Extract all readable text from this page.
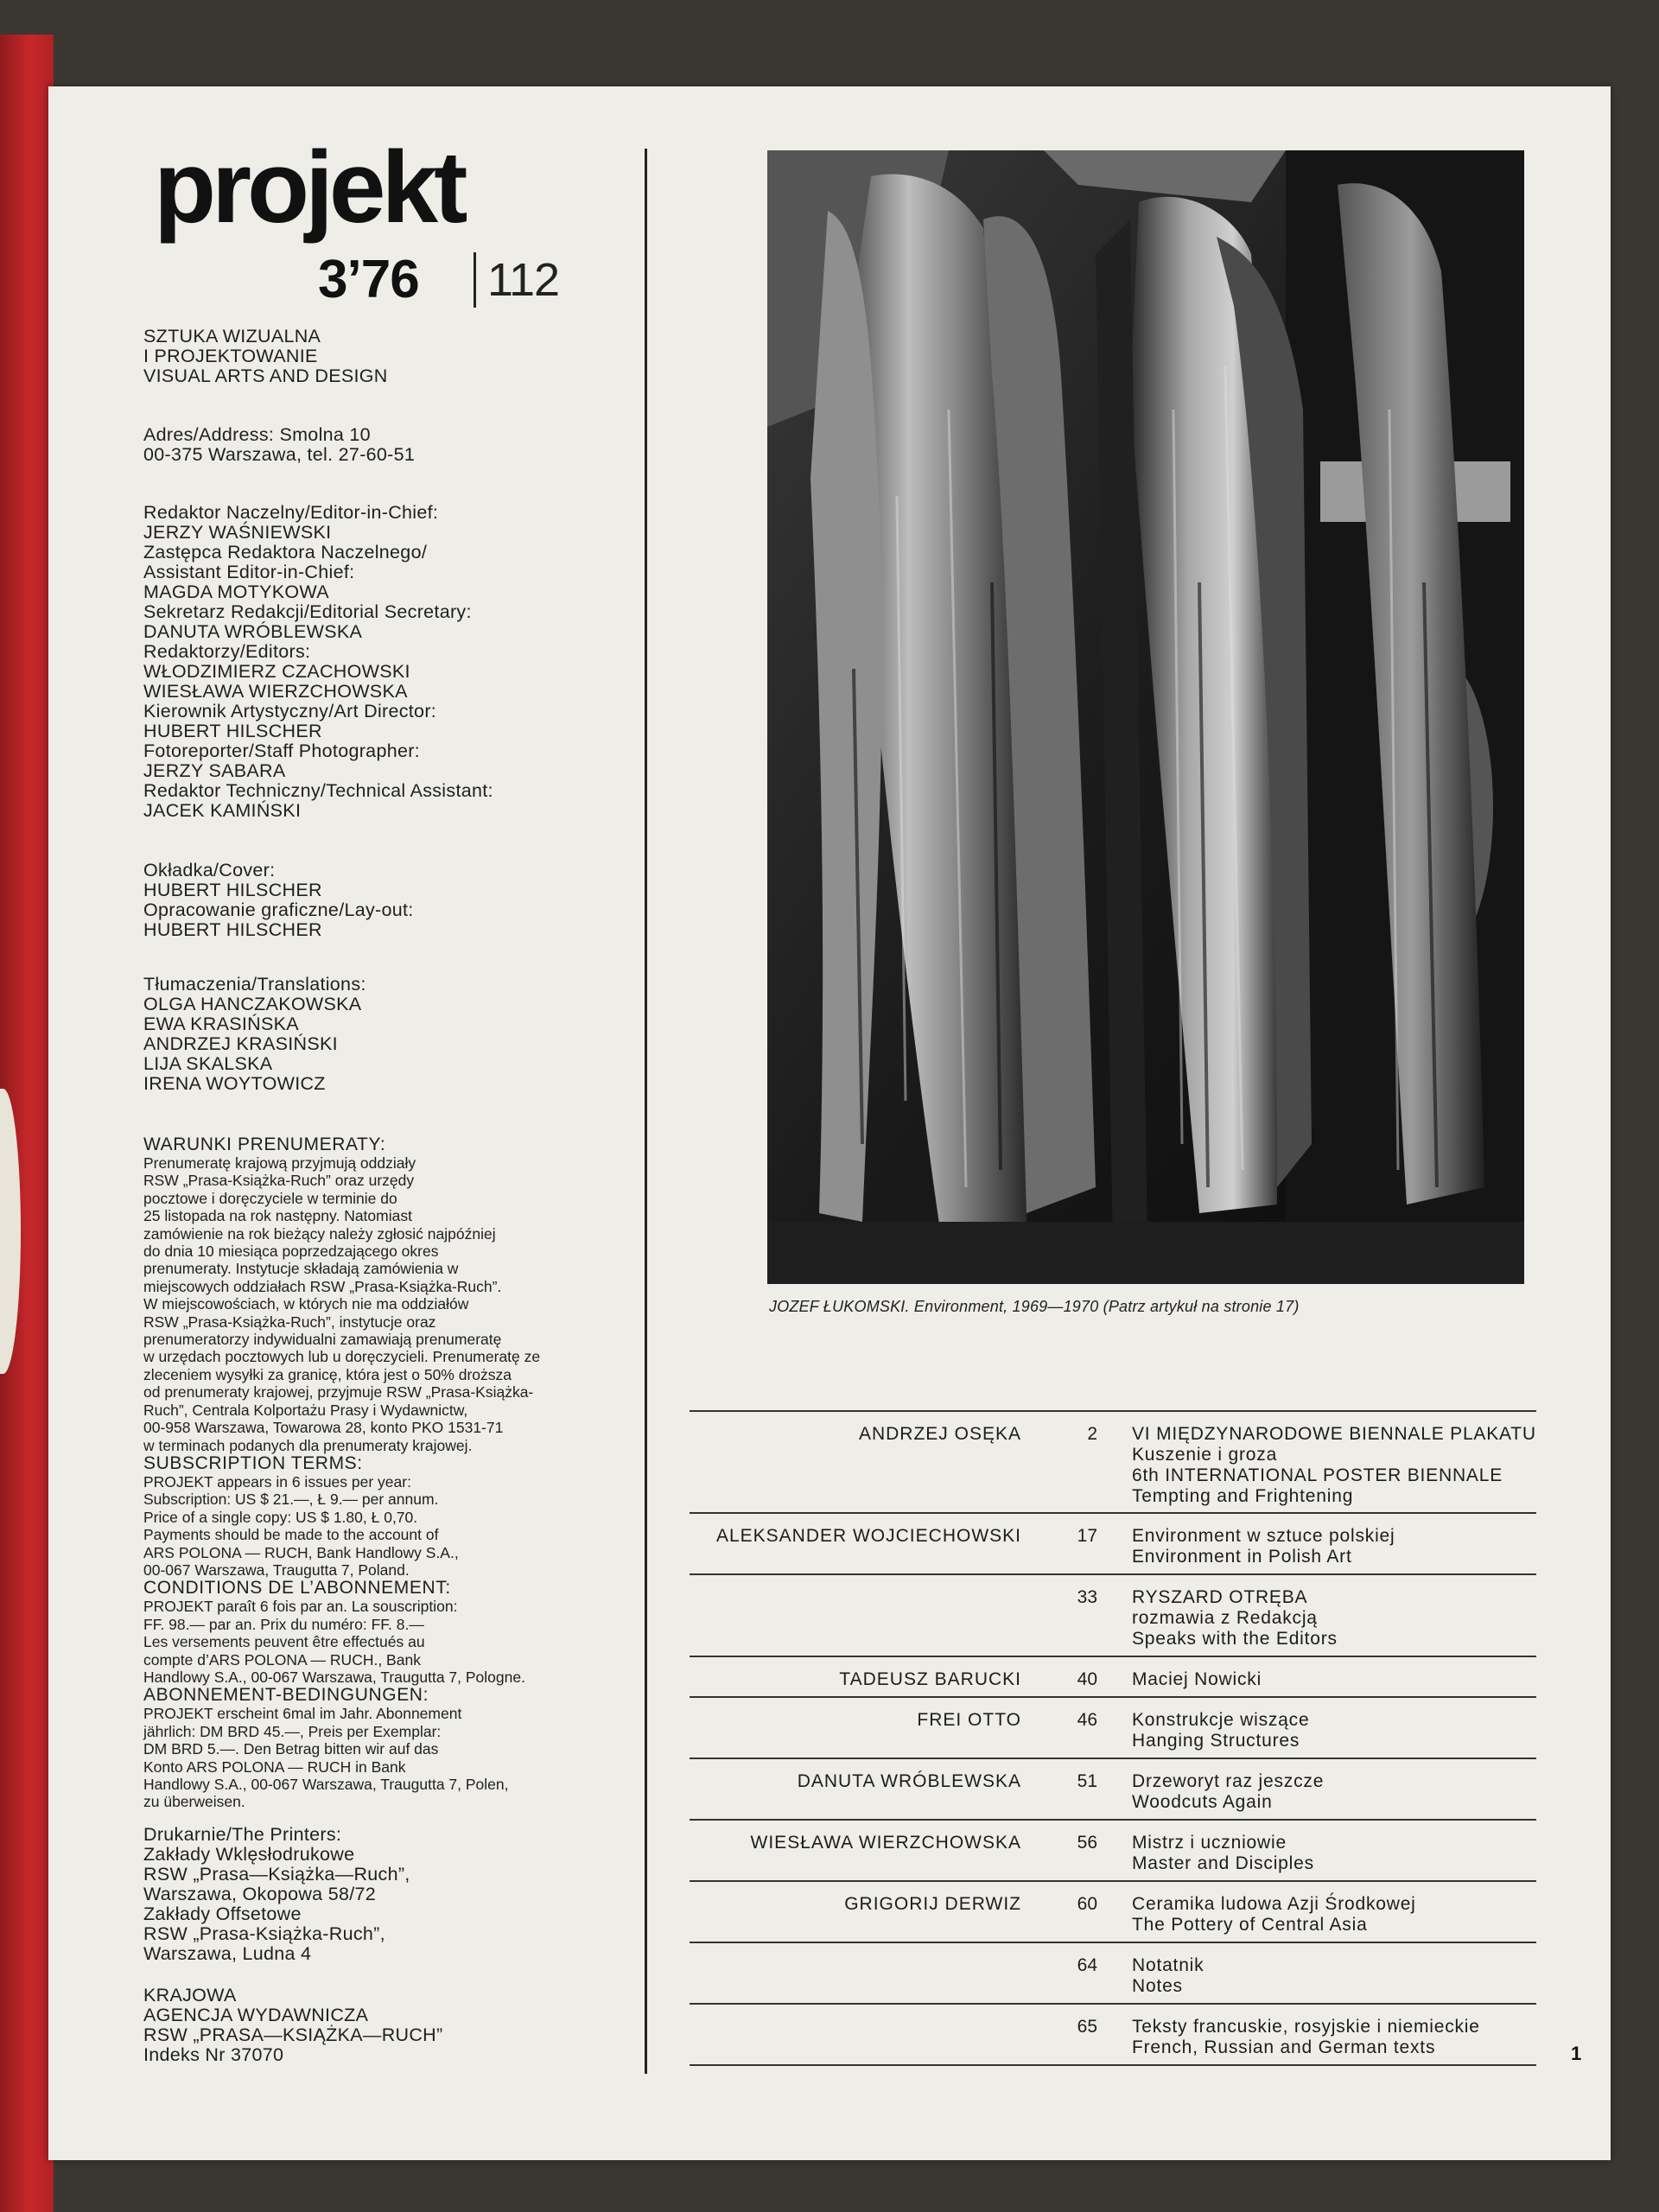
projekt
3’76 112
SZTUKA WIZUALNA
I PROJEKTOWANIE
VISUAL ARTS AND DESIGN
Adres/Address: Smolna 10
00-375 Warszawa, tel. 27-60-51
Redaktor Naczelny/Editor-in-Chief:
JERZY WAŚNIEWSKI
Zastępca Redaktora Naczelnego/
Assistant Editor-in-Chief:
MAGDA MOTYKOWA
Sekretarz Redakcji/Editorial Secretary:
DANUTA WRÓBLEWSKA
Redaktorzy/Editors:
WŁODZIMIERZ CZACHOWSKI
WIESŁAWA WIERZCHOWSKA
Kierownik Artystyczny/Art Director:
HUBERT HILSCHER
Fotoreporter/Staff Photographer:
JERZY SABARA
Redaktor Techniczny/Technical Assistant:
JACEK KAMIŃSKI
Okładka/Cover:
HUBERT HILSCHER
Opracowanie graficzne/Lay-out:
HUBERT HILSCHER
Tłumaczenia/Translations:
OLGA HANCZAKOWSKA
EWA KRASIŃSKA
ANDRZEJ KRASIŃSKI
LIJA SKALSKA
IRENA WOYTOWICZ
WARUNKI PRENUMERATY:
Prenumeratę krajową przyjmują oddziały
RSW „Prasa-Książka-Ruch” oraz urzędy
pocztowe i doręczyciele w terminie do
25 listopada na rok następny. Natomiast
zamówienie na rok bieżący należy zgłosić najpóźniej
do dnia 10 miesiąca poprzedzającego okres
prenumeraty. Instytucje składają zamówienia w
miejscowych oddziałach RSW „Prasa-Książka-Ruch”.
W miejscowościach, w których nie ma oddziałów
RSW „Prasa-Książka-Ruch”, instytucje oraz
prenumeratorzy indywidualni zamawiają prenumeratę
w urzędach pocztowych lub u doręczycieli. Prenumeratę ze
zleceniem wysyłki za granicę, która jest o 50% droższa
od prenumeraty krajowej, przyjmuje RSW „Prasa-Książka-
Ruch”, Centrala Kolportażu Prasy i Wydawnictw,
00-958 Warszawa, Towarowa 28, konto PKO 1531-71
w terminach podanych dla prenumeraty krajowej.
SUBSCRIPTION TERMS:
PROJEKT appears in 6 issues per year:
Subscription: US $ 21.—, Ł 9.— per annum.
Price of a single copy: US $ 1.80, Ł 0,70.
Payments should be made to the account of
ARS POLONA — RUCH, Bank Handlowy S.A.,
00-067 Warszawa, Traugutta 7, Poland.
CONDITIONS DE L’ABONNEMENT:
PROJEKT paraît 6 fois par an. La souscription:
FF. 98.— par an. Prix du numéro: FF. 8.—
Les versements peuvent être effectués au
compte d’ARS POLONA — RUCH., Bank
Handlowy S.A., 00-067 Warszawa, Traugutta 7, Pologne.
ABONNEMENT-BEDINGUNGEN:
PROJEKT erscheint 6mal im Jahr. Abonnement
jährlich: DM BRD 45.—, Preis per Exemplar:
DM BRD 5.—. Den Betrag bitten wir auf das
Konto ARS POLONA — RUCH in Bank
Handlowy S.A., 00-067 Warszawa, Traugutta 7, Polen,
zu überweisen.
Drukarnie/The Printers:
Zakłady Wklęsłodrukowe
RSW „Prasa—Książka—Ruch”,
Warszawa, Okopowa 58/72
Zakłady Offsetowe
RSW „Prasa-Książka-Ruch”,
Warszawa, Ludna 4
KRAJOWA
AGENCJA WYDAWNICZA
RSW „PRASA—KSIĄŻKA—RUCH”
Indeks Nr 37070
JOZEF ŁUKOMSKI. Environment, 1969—1970 (Patrz artykuł na stronie 17)
ANDRZEJ OSĘKA	2 VI MIĘDZYNARODOWE BIENNALE PLAKATU
Kuszenie i groza
6th INTERNATIONAL POSTER BIENNALE
Tempting and Frightening
ALEKSANDER WOJCIECHOWSKI	17 Environment w sztuce polskiej
Environment in Polish Art
33 RYSZARD OTRĘBA
rozmawia z Redakcją
Speaks with the Editors
TADEUSZ BARUCKI	40 Maciej Nowicki
FREI OTTO	46 Konstrukcje wiszące
Hanging Structures
DANUTA WRÓBLEWSKA	51 Drzeworyt raz jeszcze
Woodcuts Again
WIESŁAWA WIERZCHOWSKA	56 Mistrz i uczniowie
Master and Disciples
GRIGORIJ DERWIZ	60 Ceramika ludowa Azji Środkowej
The Pottery of Central Asia
64 Notatnik
Notes
65 Teksty francuskie, rosyjskie i niemieckie
French, Russian and German texts	1
